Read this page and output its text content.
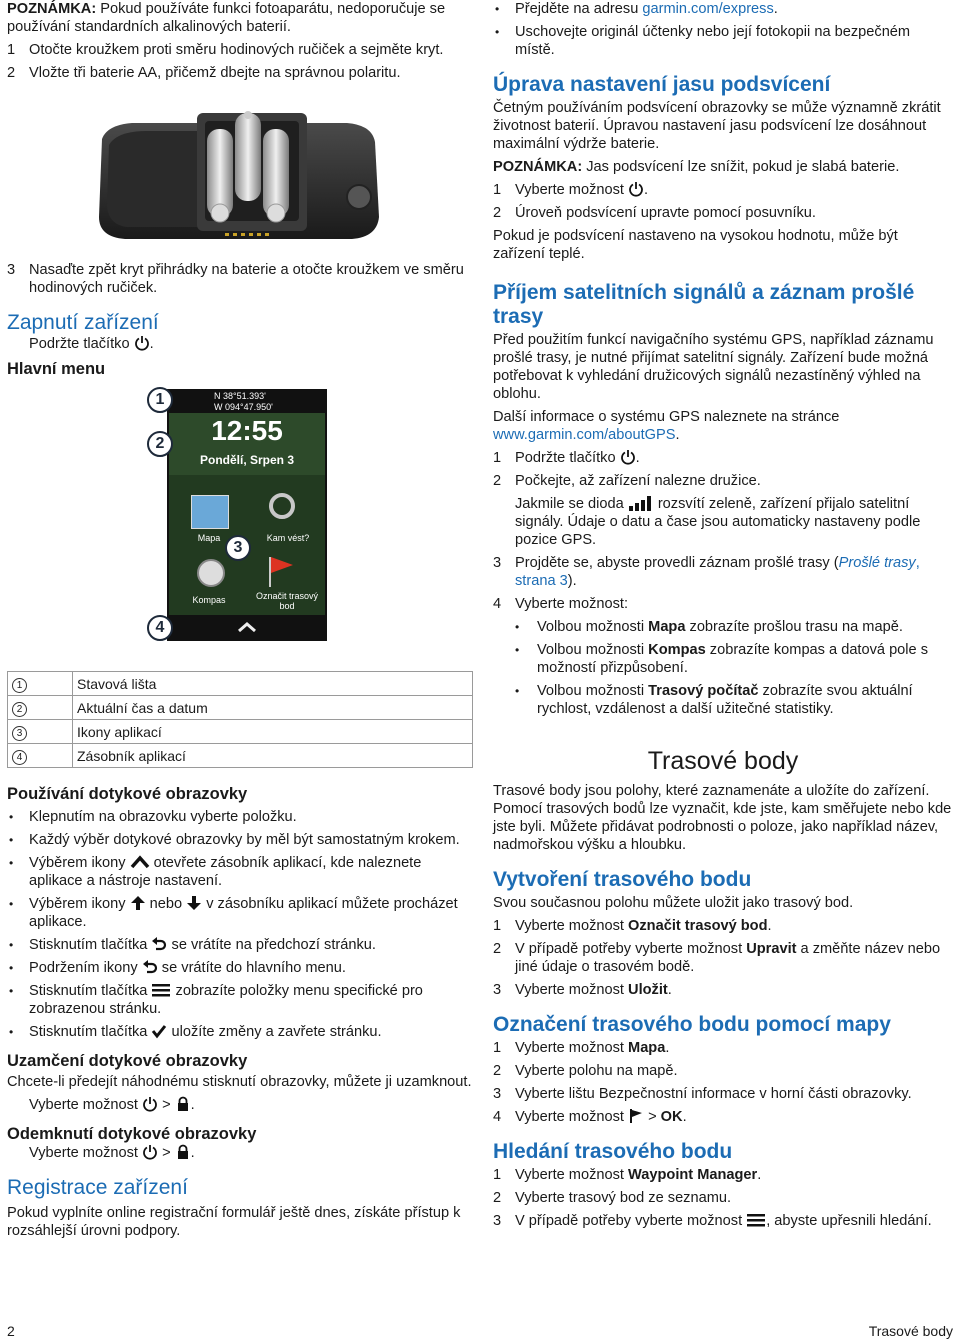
POZNÁMKA: Pokud používáte funkci fotoaparátu, nedoporučuje se používání standardních alkalinových baterií.

1 Otočte kroužkem proti směru hodinových ručiček a sejměte kryt.
2 Vložte tři baterie AA, přičemž dbejte na správnou polaritu.
3 Nasaďte zpět kryt přihrádky na baterie a otočte kroužkem ve směru hodinových ručiček.
Zapnutí zařízení

Podržte tlačítko .

Hlavní menu
N 38°51.393'
W 094°47.950'
12:55
Pondělí, Srpen 3
Mapa	Kam vést?
Kompas	Označit trasový bod
1
2
3
4
1	Stavová lišta
2	Aktuální čas a datum
3	Ikony aplikací
4	Zásobník aplikací
Používání dotykové obrazovky
• Klepnutím na obrazovku vyberte položku.
• Každý výběr dotykové obrazovky by měl být samostatným krokem.
• Výběrem ikony  otevřete zásobník aplikací, kde naleznete aplikace a nástroje nastavení.
• Výběrem ikony  nebo  v zásobníku aplikací můžete procházet aplikace.
• Stisknutím tlačítka  se vrátíte na předchozí stránku.
• Podržením ikony  se vrátíte do hlavního menu.
• Stisknutím tlačítka  zobrazíte položky menu specifické pro zobrazenou stránku.
• Stisknutím tlačítka  uložíte změny a zavřete stránku.
Uzamčení dotykové obrazovky

Chcete-li předejít náhodnému stisknutí obrazovky, můžete ji uzamknout.

Vyberte možnost  > .

Odemknutí dotykové obrazovky

Vyberte možnost  > .

Registrace zařízení

Pokud vyplníte online registrační formulář ještě dnes, získáte přístup k rozsáhlejší úrovni podpory.

• Přejděte na adresu garmin.com/express.
• Uschovejte originál účtenky nebo její fotokopii na bezpečném místě.
Úprava nastavení jasu podsvícení

Četným používáním podsvícení obrazovky se může významně zkrátit životnost baterií. Úpravou nastavení jasu podsvícení lze dosáhnout maximální výdrže baterie.

POZNÁMKA: Jas podsvícení lze snížit, pokud je slabá baterie.

1 Vyberte možnost .
2 Úroveň podsvícení upravte pomocí posuvníku.

Pokud je podsvícení nastaveno na vysokou hodnotu, může být zařízení teplé.

Příjem satelitních signálů a záznam prošlé trasy

Před použitím funkcí navigačního systému GPS, například záznamu prošlé trasy, je nutné přijímat satelitní signály. Zařízení bude možná potřebovat k vyhledání družicových signálů nezastíněný výhled na oblohu.

Další informace o systému GPS naleznete na stránce www.garmin.com/aboutGPS.

1 Podržte tlačítko .
2 Počkejte, až zařízení nalezne družice.
Jakmile se dioda  rozsvítí zeleně, zařízení přijalo satelitní signály. Údaje o datu a čase jsou automaticky nastaveny podle pozice GPS.
3 Projděte se, abyste provedli záznam prošlé trasy (Prošlé trasy, strana 3).
4 Vyberte možnost:
• Volbou možnosti Mapa zobrazíte prošlou trasu na mapě.
• Volbou možnosti Kompas zobrazíte kompas a datová pole s možností přizpůsobení.
• Volbou možnosti Trasový počítač zobrazíte svou aktuální rychlost, vzdálenost a další užitečné statistiky.
Trasové body

Trasové body jsou polohy, které zaznamenáte a uložíte do zařízení. Pomocí trasových bodů lze vyznačit, kde jste, kam směřujete nebo kde jste byli. Můžete přidávat podrobnosti o poloze, jako například název, nadmořskou výšku a hloubku.

Vytvoření trasového bodu

Svou současnou polohu můžete uložit jako trasový bod.

1 Vyberte možnost Označit trasový bod.
2 V případě potřeby vyberte možnost Upravit a změňte název nebo jiné údaje o trasovém bodě.
3 Vyberte možnost Uložit.
Označení trasového bodu pomocí mapy
1 Vyberte možnost Mapa.
2 Vyberte polohu na mapě.
3 Vyberte lištu Bezpečnostní informace v horní části obrazovky.
4 Vyberte možnost  > OK.
Hledání trasového bodu
1 Vyberte možnost Waypoint Manager.
2 Vyberte trasový bod ze seznamu.
3 V případě potřeby vyberte možnost , abyste upřesnili hledání.
2	Trasové body
